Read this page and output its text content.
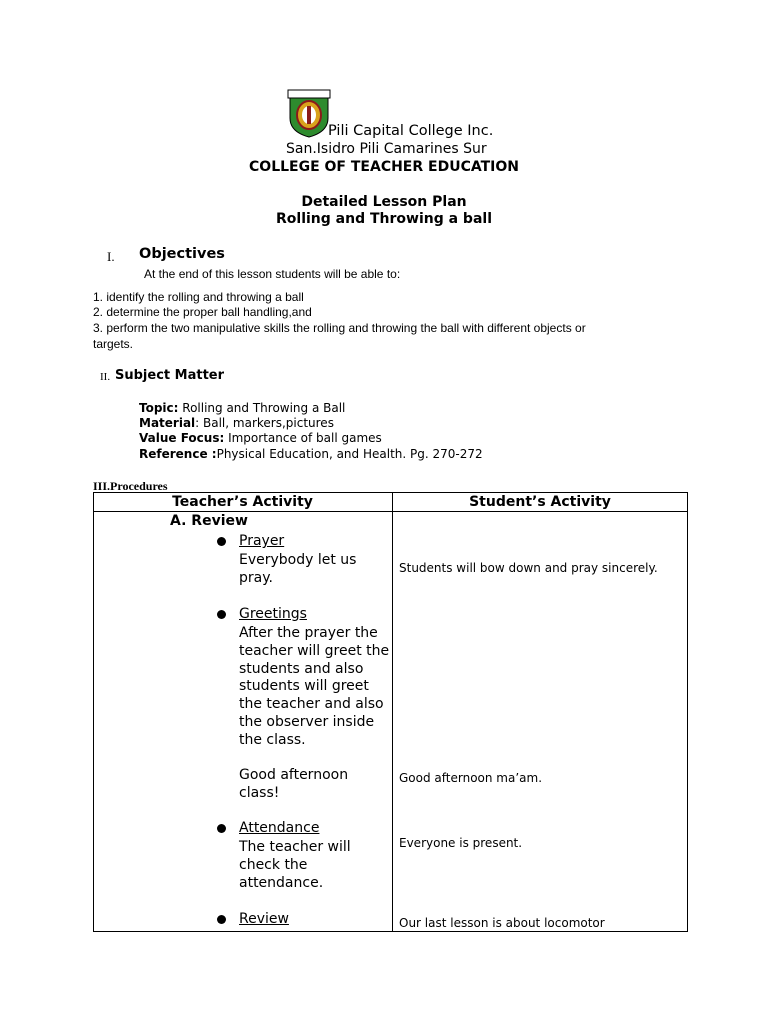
Pili Capital College Inc.
San.Isidro Pili Camarines Sur
COLLEGE OF TEACHER EDUCATION
Detailed Lesson Plan
Rolling and Throwing a ball
I. Objectives
At the end of this lesson students will be able to:
1. identify the rolling and throwing a ball
2. determine the proper ball handling,and
3. perform the two manipulative skills the rolling and throwing the ball with different objects or
targets.
II. Subject Matter
Topic: Rolling and Throwing a Ball
Material: Ball, markers,pictures
Value Focus: Importance of ball games
Reference :Physical Education, and Health. Pg. 270-272
III.Procedures
Teacher’s Activity	Student’s Activity
A. Review
Prayer
Everybody let us
pray.
Greetings
After the prayer the
teacher will greet the
students and also
students will greet
the teacher and also
the observer inside
the class.
Good afternoon
class!
Attendance
The teacher will
check the
attendance.
Review
Students will bow down and pray sincerely.
Good afternoon ma’am.
Everyone is present.
Our last lesson is about locomotor
